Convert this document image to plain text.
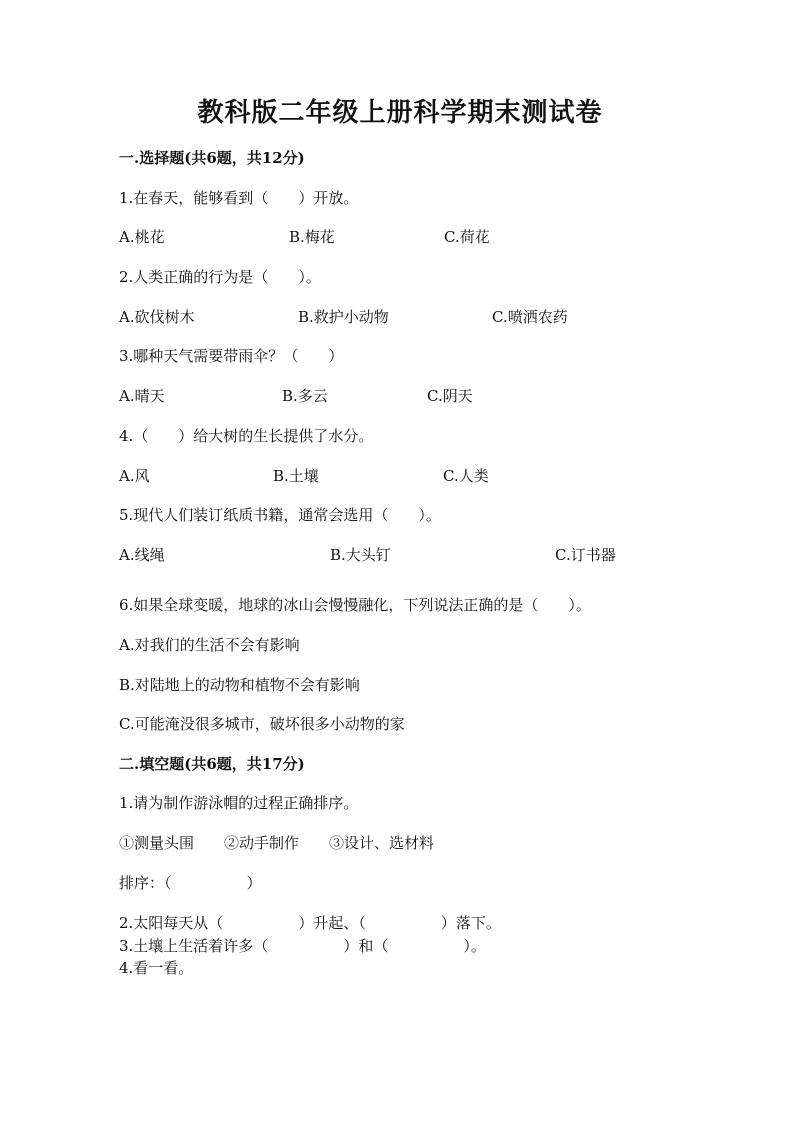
教科版二年级上册科学期末测试卷
一.选择题(共6题，共12分)
1.在春天，能够看到（　　）开放。
A.桃花	B.梅花	C.荷花
2.人类正确的行为是（　　）。
A.砍伐树木	B.救护小动物	C.喷洒农药
3.哪种天气需要带雨伞？（　　）
A.晴天	B.多云	C.阴天
4.（　　）给大树的生长提供了水分。
A.风	B.土壤	C.人类
5.现代人们装订纸质书籍，通常会选用（　　）。
A.线绳	B.大头钉	C.订书器
6.如果全球变暖，地球的冰山会慢慢融化，下列说法正确的是（　　）。
A.对我们的生活不会有影响
B.对陆地上的动物和植物不会有影响
C.可能淹没很多城市，破坏很多小动物的家
二.填空题(共6题，共17分)
1.请为制作游泳帽的过程正确排序。
①测量头围　　②动手制作　　③设计、选材料
排序：（　　　　　）
2.太阳每天从（　　　　　）升起、（　　　　　）落下。
3.土壤上生活着许多（　　　　　）和（　　　　　）。
4.看一看。
